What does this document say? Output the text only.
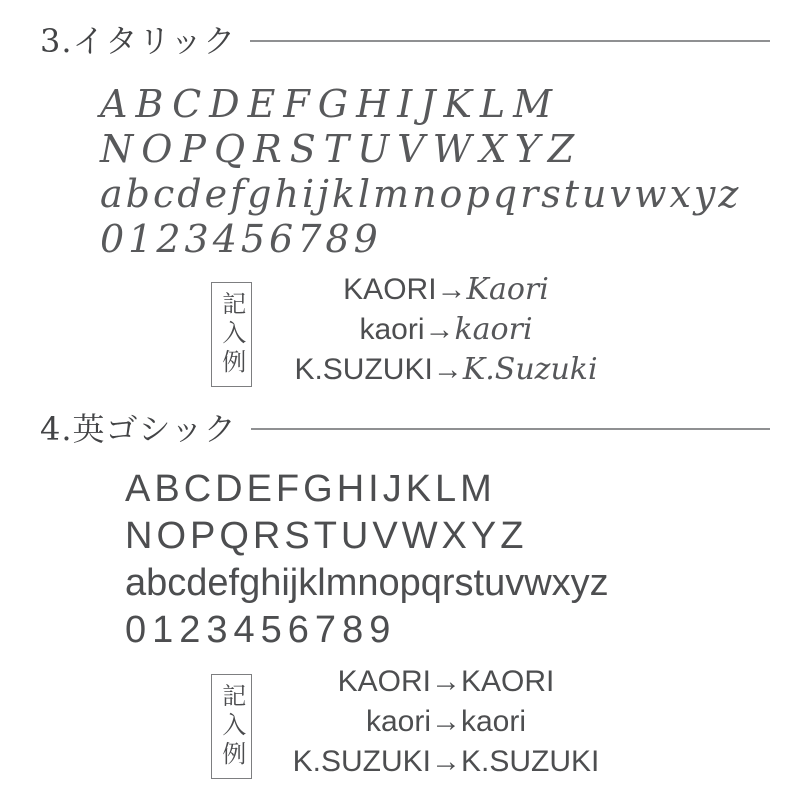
3.イタリック
ABCDEFGHIJKLM
NOPQRSTUVWXYZ
abcdefghijklmnopqrstuvwxyz
0123456789
記入例
KAORI→Kaori
kaori→kaori
K.SUZUKI→K.Suzuki
4.英ゴシック
ABCDEFGHIJKLM
NOPQRSTUVWXYZ
abcdefghijklmnopqrstuvwxyz
0123456789
記入例
KAORI→KAORI
kaori→kaori
K.SUZUKI→K.SUZUKI
